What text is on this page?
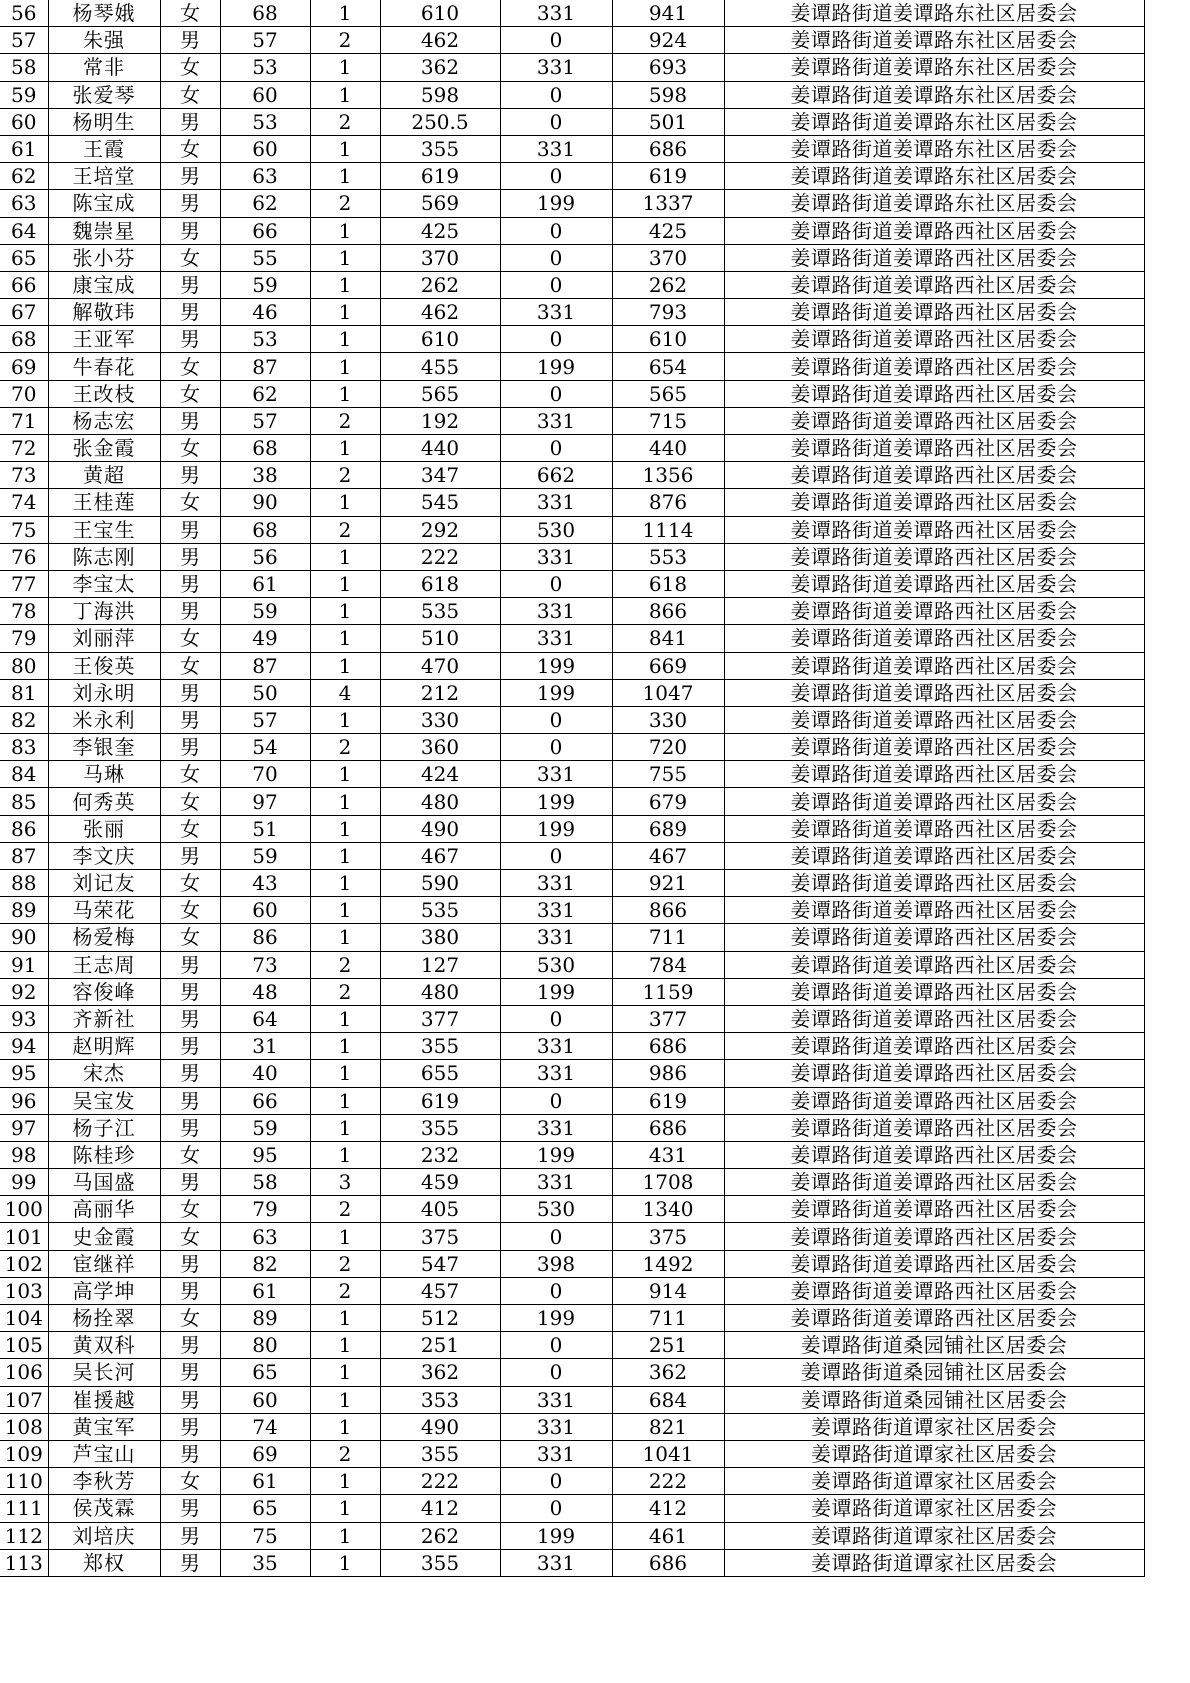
56	杨琴娥	女	68	1	610	331	941	姜谭路街道姜谭路东社区居委会
57	朱强	男	57	2	462	0	924	姜谭路街道姜谭路东社区居委会
58	常非	女	53	1	362	331	693	姜谭路街道姜谭路东社区居委会
59	张爱琴	女	60	1	598	0	598	姜谭路街道姜谭路东社区居委会
60	杨明生	男	53	2	250.5	0	501	姜谭路街道姜谭路东社区居委会
61	王霞	女	60	1	355	331	686	姜谭路街道姜谭路东社区居委会
62	王培堂	男	63	1	619	0	619	姜谭路街道姜谭路东社区居委会
63	陈宝成	男	62	2	569	199	1337	姜谭路街道姜谭路东社区居委会
64	魏崇星	男	66	1	425	0	425	姜谭路街道姜谭路西社区居委会
65	张小芬	女	55	1	370	0	370	姜谭路街道姜谭路西社区居委会
66	康宝成	男	59	1	262	0	262	姜谭路街道姜谭路西社区居委会
67	解敬玮	男	46	1	462	331	793	姜谭路街道姜谭路西社区居委会
68	王亚军	男	53	1	610	0	610	姜谭路街道姜谭路西社区居委会
69	牛春花	女	87	1	455	199	654	姜谭路街道姜谭路西社区居委会
70	王改枝	女	62	1	565	0	565	姜谭路街道姜谭路西社区居委会
71	杨志宏	男	57	2	192	331	715	姜谭路街道姜谭路西社区居委会
72	张金霞	女	68	1	440	0	440	姜谭路街道姜谭路西社区居委会
73	黄超	男	38	2	347	662	1356	姜谭路街道姜谭路西社区居委会
74	王桂莲	女	90	1	545	331	876	姜谭路街道姜谭路西社区居委会
75	王宝生	男	68	2	292	530	1114	姜谭路街道姜谭路西社区居委会
76	陈志刚	男	56	1	222	331	553	姜谭路街道姜谭路西社区居委会
77	李宝太	男	61	1	618	0	618	姜谭路街道姜谭路西社区居委会
78	丁海洪	男	59	1	535	331	866	姜谭路街道姜谭路西社区居委会
79	刘丽萍	女	49	1	510	331	841	姜谭路街道姜谭路西社区居委会
80	王俊英	女	87	1	470	199	669	姜谭路街道姜谭路西社区居委会
81	刘永明	男	50	4	212	199	1047	姜谭路街道姜谭路西社区居委会
82	米永利	男	57	1	330	0	330	姜谭路街道姜谭路西社区居委会
83	李银奎	男	54	2	360	0	720	姜谭路街道姜谭路西社区居委会
84	马琳	女	70	1	424	331	755	姜谭路街道姜谭路西社区居委会
85	何秀英	女	97	1	480	199	679	姜谭路街道姜谭路西社区居委会
86	张丽	女	51	1	490	199	689	姜谭路街道姜谭路西社区居委会
87	李文庆	男	59	1	467	0	467	姜谭路街道姜谭路西社区居委会
88	刘记友	女	43	1	590	331	921	姜谭路街道姜谭路西社区居委会
89	马荣花	女	60	1	535	331	866	姜谭路街道姜谭路西社区居委会
90	杨爱梅	女	86	1	380	331	711	姜谭路街道姜谭路西社区居委会
91	王志周	男	73	2	127	530	784	姜谭路街道姜谭路西社区居委会
92	容俊峰	男	48	2	480	199	1159	姜谭路街道姜谭路西社区居委会
93	齐新社	男	64	1	377	0	377	姜谭路街道姜谭路西社区居委会
94	赵明辉	男	31	1	355	331	686	姜谭路街道姜谭路西社区居委会
95	宋杰	男	40	1	655	331	986	姜谭路街道姜谭路西社区居委会
96	吴宝发	男	66	1	619	0	619	姜谭路街道姜谭路西社区居委会
97	杨子江	男	59	1	355	331	686	姜谭路街道姜谭路西社区居委会
98	陈桂珍	女	95	1	232	199	431	姜谭路街道姜谭路西社区居委会
99	马国盛	男	58	3	459	331	1708	姜谭路街道姜谭路西社区居委会
100	高丽华	女	79	2	405	530	1340	姜谭路街道姜谭路西社区居委会
101	史金霞	女	63	1	375	0	375	姜谭路街道姜谭路西社区居委会
102	宦继祥	男	82	2	547	398	1492	姜谭路街道姜谭路西社区居委会
103	高学坤	男	61	2	457	0	914	姜谭路街道姜谭路西社区居委会
104	杨拴翠	女	89	1	512	199	711	姜谭路街道姜谭路西社区居委会
105	黄双科	男	80	1	251	0	251	姜谭路街道桑园铺社区居委会
106	吴长河	男	65	1	362	0	362	姜谭路街道桑园铺社区居委会
107	崔援越	男	60	1	353	331	684	姜谭路街道桑园铺社区居委会
108	黄宝军	男	74	1	490	331	821	姜谭路街道谭家社区居委会
109	芦宝山	男	69	2	355	331	1041	姜谭路街道谭家社区居委会
110	李秋芳	女	61	1	222	0	222	姜谭路街道谭家社区居委会
111	侯茂霖	男	65	1	412	0	412	姜谭路街道谭家社区居委会
112	刘培庆	男	75	1	262	199	461	姜谭路街道谭家社区居委会
113	郑权	男	35	1	355	331	686	姜谭路街道谭家社区居委会
